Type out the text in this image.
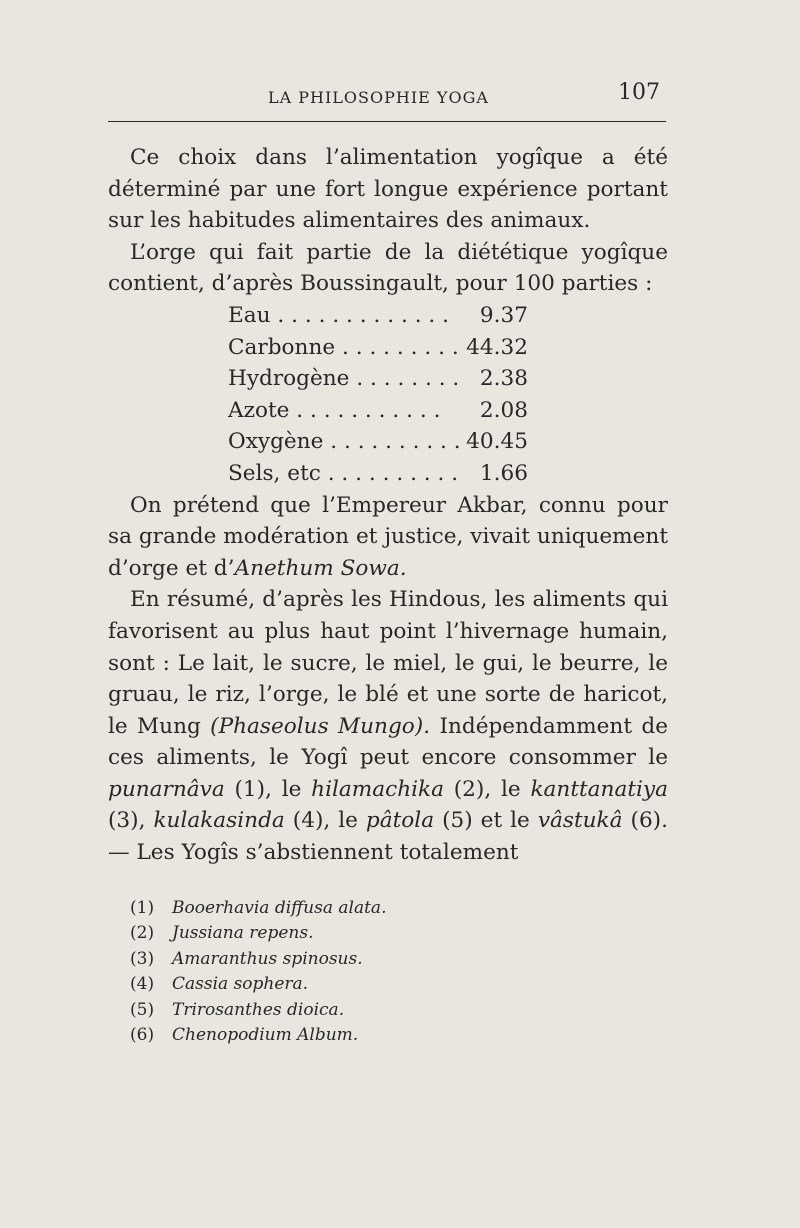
LA PHILOSOPHIE YOGA	107

Ce choix dans l’alimentation yogîque a été déterminé par une fort longue expérience portant sur les habitudes alimentaires des animaux.

L’orge qui fait partie de la diététique yogîque contient, d’après Boussingault, pour 100 parties :

Eau . . . . . . . . . . . . .	9.37
Carbonne . . . . . . . . . 44.32
Hydrogène . . . . . . . . 2.38
Azote . . . . . . . . . . .	2.08
Oxygène . . . . . . . . . . 40.45
Sels, etc . . . . . . . . . .	1.66

On prétend que l’Empereur Akbar, connu pour sa grande modération et justice, vivait uniquement d’orge et d’Anethum Sowa.

En résumé, d’après les Hindous, les aliments qui favorisent au plus haut point l’hivernage humain, sont : Le lait, le sucre, le miel, le gui, le beurre, le gruau, le riz, l’orge, le blé et une sorte de haricot, le Mung (Phaseolus Mungo). Indépendamment de ces aliments, le Yogî peut encore consommer le punarnâva (1), le hilamachika (2), le kanttanatiya (3), kulakasinda (4), le pâtola (5) et le vâstukâ (6). — Les Yogîs s’abstiennent totalement

(1)	Booerhavia diffusa alata.
(2)	Jussiana repens.
(3)	Amaranthus spinosus.
(4)	Cassia sophera.
(5)	Trirosanthes dioica.
(6)	Chenopodium Album.
